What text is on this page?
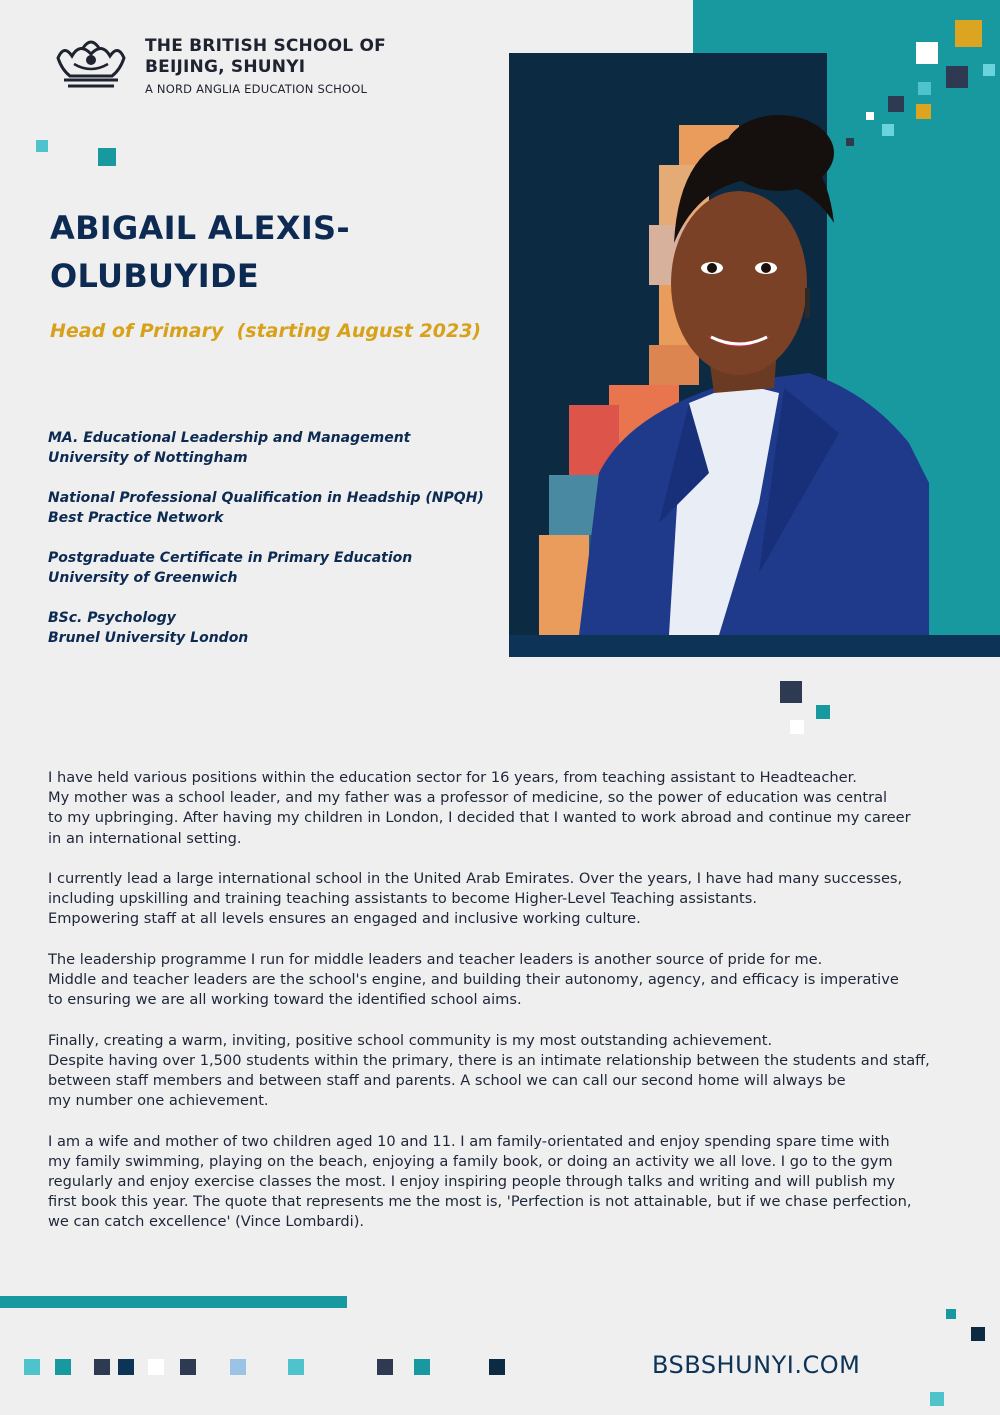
THE BRITISH SCHOOL OF BEIJING, SHUNYI
A NORD ANGLIA EDUCATION SCHOOL
ABIGAIL ALEXIS-OLUBUYIDE
Head of Primary  (starting August 2023)
MA. Educational Leadership and Management
University of Nottingham
National Professional Qualification in Headship (NPQH)
Best Practice Network
Postgraduate Certificate in Primary Education
University of Greenwich
BSc. Psychology
Brunel University London

I have held various positions within the education sector for 16 years, from teaching assistant to Headteacher.
My mother was a school leader, and my father was a professor of medicine, so the power of education was central
to my upbringing. After having my children in London, I decided that I wanted to work abroad and continue my career
in an international setting.

I currently lead a large international school in the United Arab Emirates. Over the years, I have had many successes,
including upskilling and training teaching assistants to become Higher-Level Teaching assistants.
Empowering staff at all levels ensures an engaged and inclusive working culture.

The leadership programme I run for middle leaders and teacher leaders is another source of pride for me.
Middle and teacher leaders are the school's engine, and building their autonomy, agency, and efficacy is imperative
to ensuring we are all working toward the identified school aims.

Finally, creating a warm, inviting, positive school community is my most outstanding achievement.
Despite having over 1,500 students within the primary, there is an intimate relationship between the students and staff,
between staff members and between staff and parents. A school we can call our second home will always be
my number one achievement.

I am a wife and mother of two children aged 10 and 11. I am family-orientated and enjoy spending spare time with
my family swimming, playing on the beach, enjoying a family book, or doing an activity we all love. I go to the gym
regularly and enjoy exercise classes the most. I enjoy inspiring people through talks and writing and will publish my
first book this year. The quote that represents me the most is, 'Perfection is not attainable, but if we chase perfection,
we can catch excellence' (Vince Lombardi).

BSBSHUNYI.COM
